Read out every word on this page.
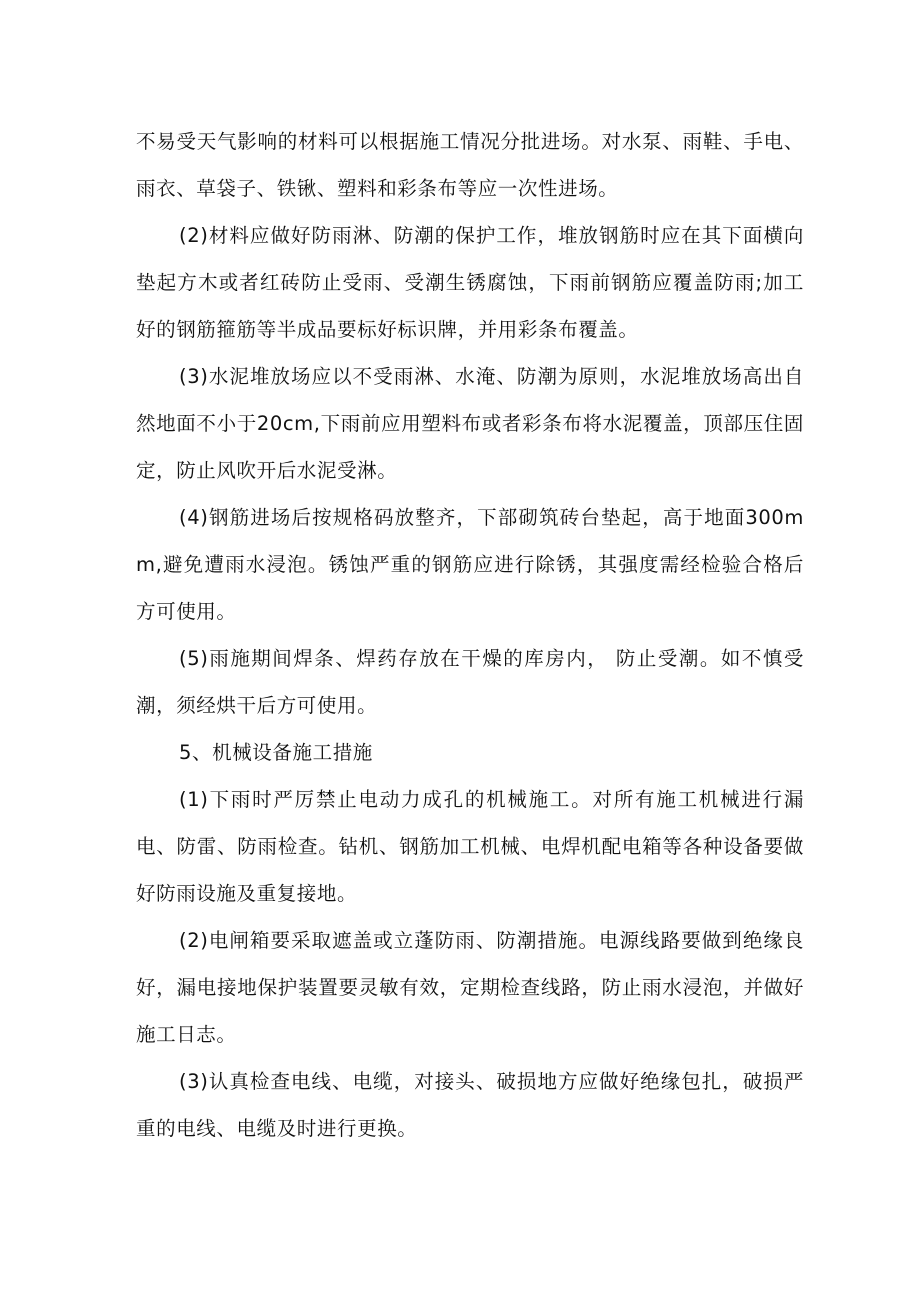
不易受天气影响的材料可以根据施工情况分批进场。对水泵、雨鞋、手电、雨衣、草袋子、铁锹、塑料和彩条布等应一次性进场。

(2)材料应做好防雨淋、防潮的保护工作，堆放钢筋时应在其下面横向垫起方木或者红砖防止受雨、受潮生锈腐蚀，下雨前钢筋应覆盖防雨;加工好的钢筋箍筋等半成品要标好标识牌，并用彩条布覆盖。

(3)水泥堆放场应以不受雨淋、水淹、防潮为原则，水泥堆放场高出自然地面不小于20cm,下雨前应用塑料布或者彩条布将水泥覆盖，顶部压住固定，防止风吹开后水泥受淋。

(4)钢筋进场后按规格码放整齐，下部砌筑砖台垫起，高于地面300mm,避免遭雨水浸泡。锈蚀严重的钢筋应进行除锈，其强度需经检验合格后方可使用。

(5)雨施期间焊条、焊药存放在干燥的库房内， 防止受潮。如不慎受潮，须经烘干后方可使用。

5、机械设备施工措施

(1)下雨时严厉禁止电动力成孔的机械施工。对所有施工机械进行漏电、防雷、防雨检查。钻机、钢筋加工机械、电焊机配电箱等各种设备要做好防雨设施及重复接地。

(2)电闸箱要采取遮盖或立蓬防雨、防潮措施。电源线路要做到绝缘良好，漏电接地保护装置要灵敏有效，定期检查线路，防止雨水浸泡，并做好施工日志。

(3)认真检查电线、电缆，对接头、破损地方应做好绝缘包扎，破损严重的电线、电缆及时进行更换。
